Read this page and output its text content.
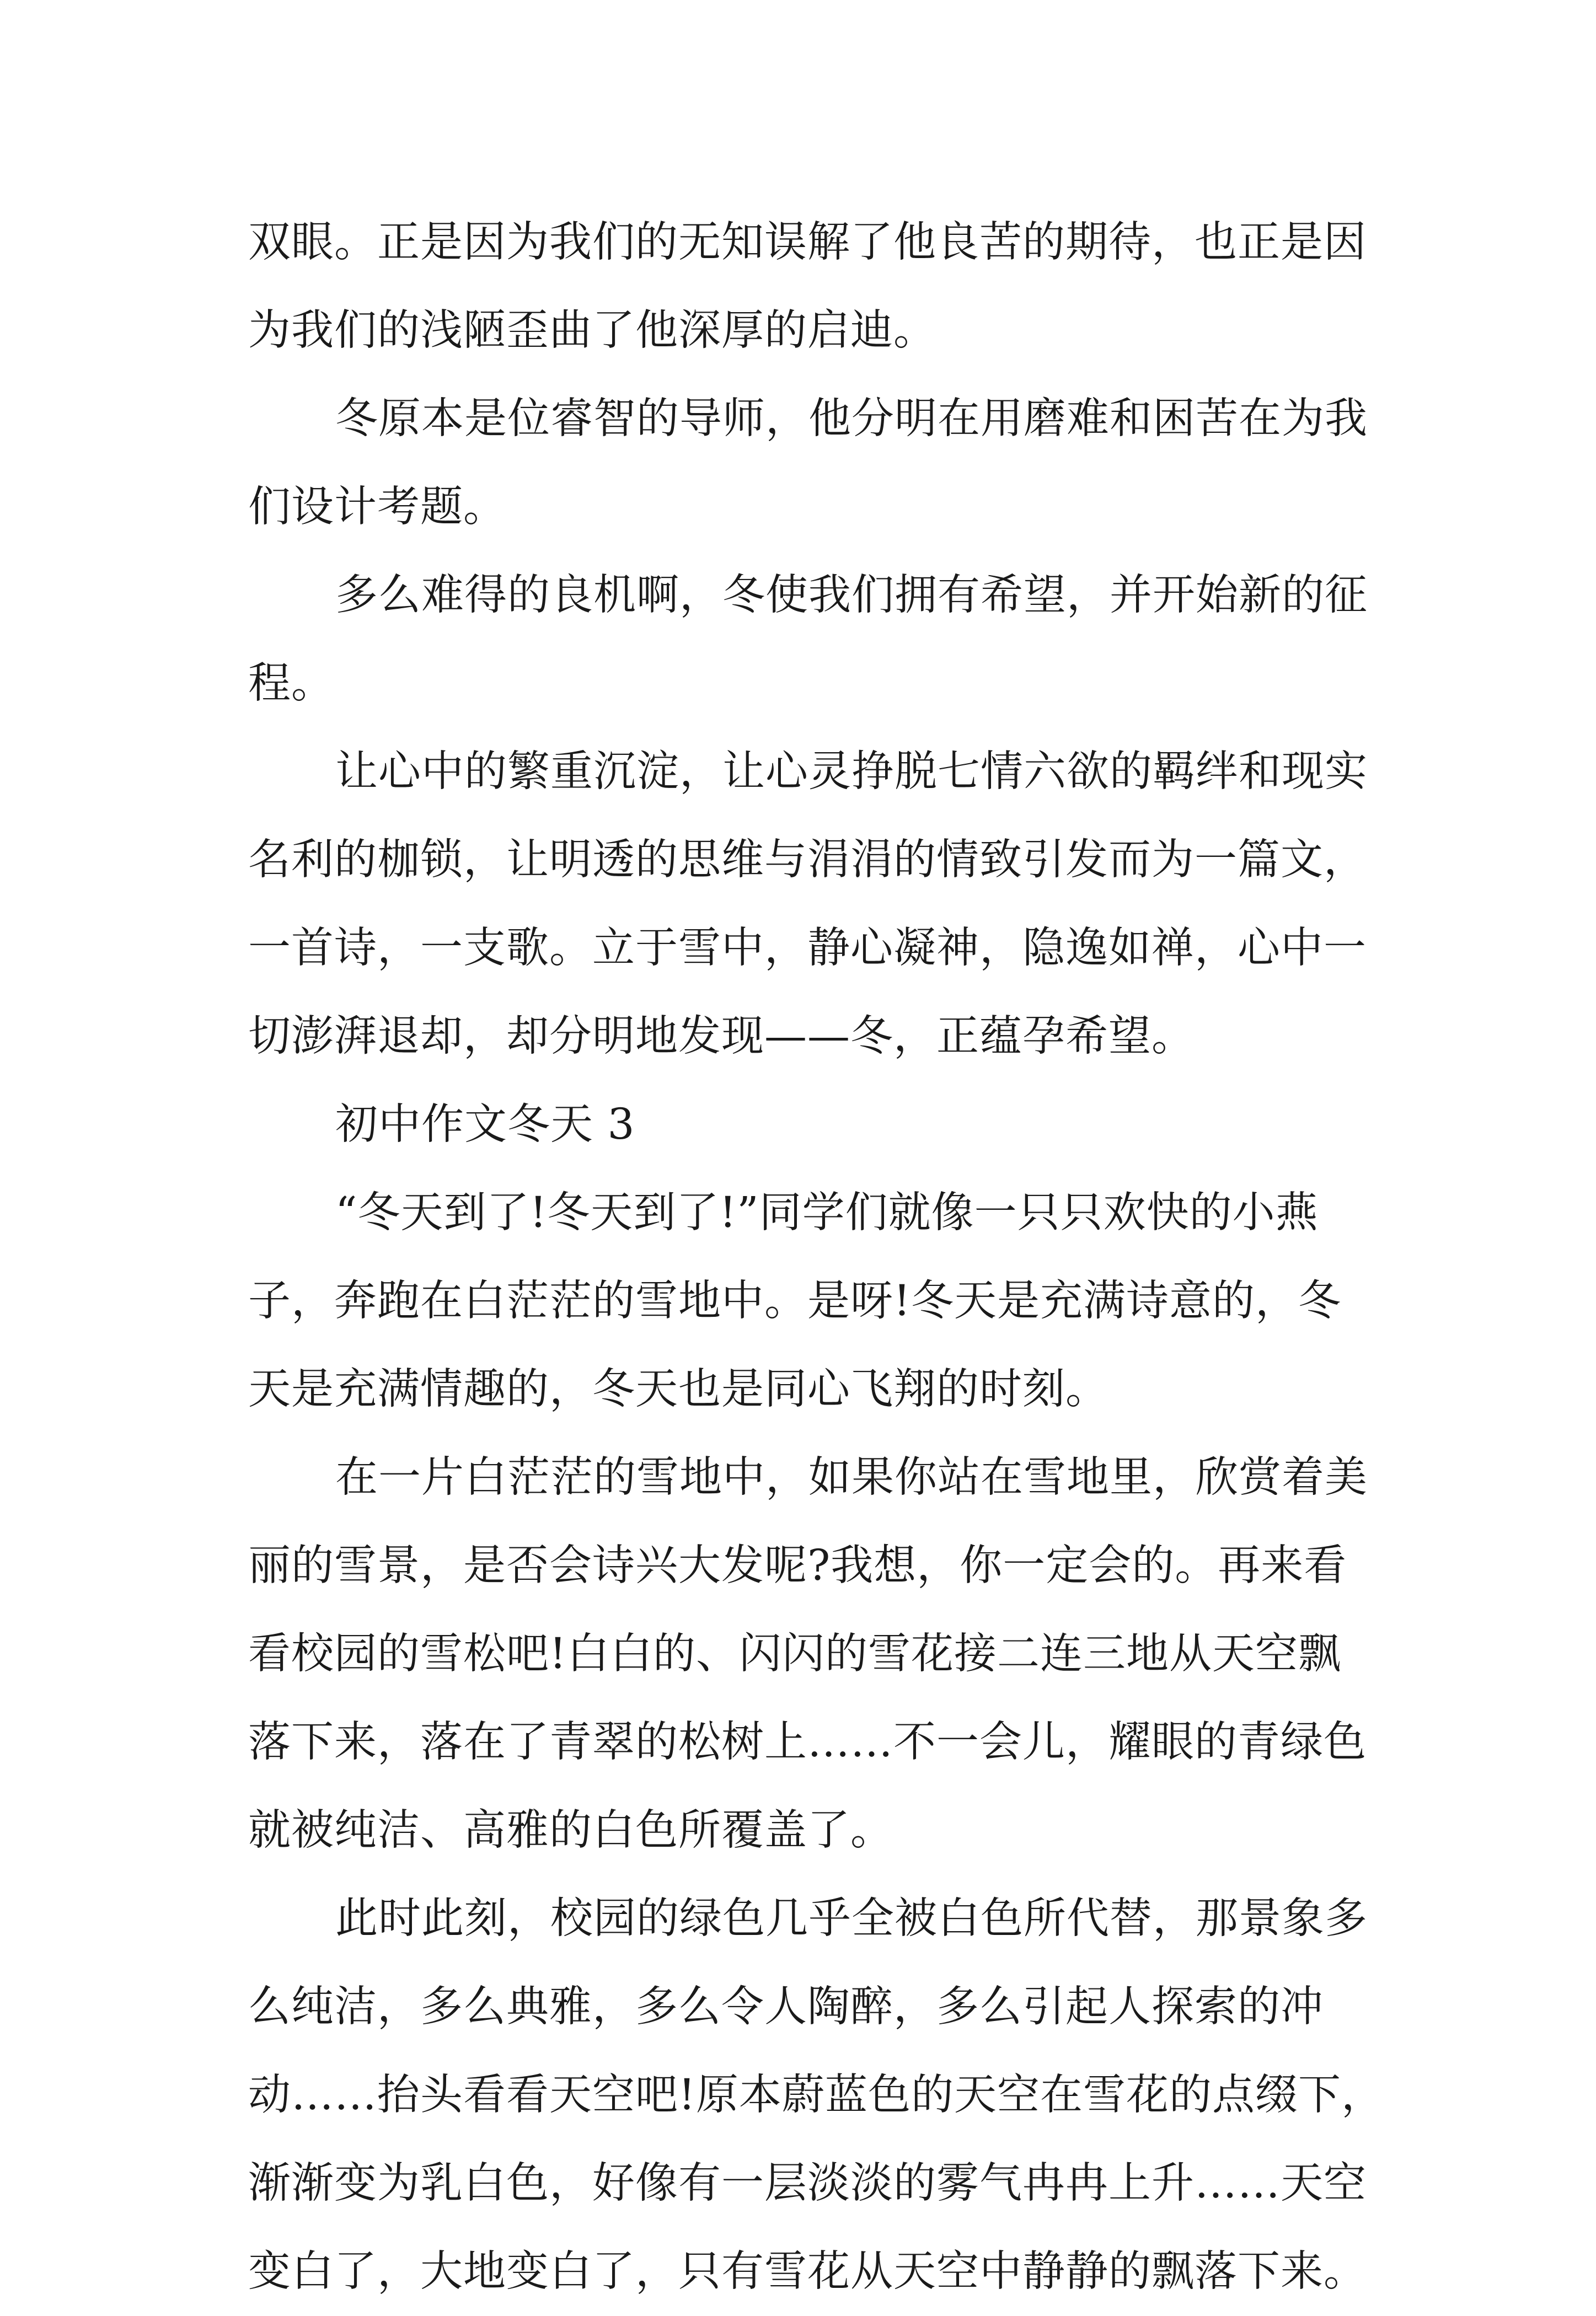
双眼。正是因为我们的无知误解了他良苦的期待，也正是因
为我们的浅陋歪曲了他深厚的启迪。
冬原本是位睿智的导师，他分明在用磨难和困苦在为我
们设计考题。
多么难得的良机啊，冬使我们拥有希望，并开始新的征
程。
让心中的繁重沉淀，让心灵挣脱七情六欲的羁绊和现实
名利的枷锁，让明透的思维与涓涓的情致引发而为一篇文，
一首诗，一支歌。立于雪中，静心凝神，隐逸如禅，心中一
切澎湃退却，却分明地发现——冬，正蕴孕希望。
初中作文冬天 3
“冬天到了!冬天到了!”同学们就像一只只欢快的小燕
子，奔跑在白茫茫的雪地中。是呀!冬天是充满诗意的，冬
天是充满情趣的，冬天也是同心飞翔的时刻。
在一片白茫茫的雪地中，如果你站在雪地里，欣赏着美
丽的雪景，是否会诗兴大发呢?我想，你一定会的。再来看
看校园的雪松吧!白白的、闪闪的雪花接二连三地从天空飘
落下来，落在了青翠的松树上……不一会儿，耀眼的青绿色
就被纯洁、高雅的白色所覆盖了。
此时此刻，校园的绿色几乎全被白色所代替，那景象多
么纯洁，多么典雅，多么令人陶醉，多么引起人探索的冲
动……抬头看看天空吧!原本蔚蓝色的天空在雪花的点缀下，
渐渐变为乳白色，好像有一层淡淡的雾气冉冉上升……天空
变白了，大地变白了，只有雪花从天空中静静的飘落下来。
